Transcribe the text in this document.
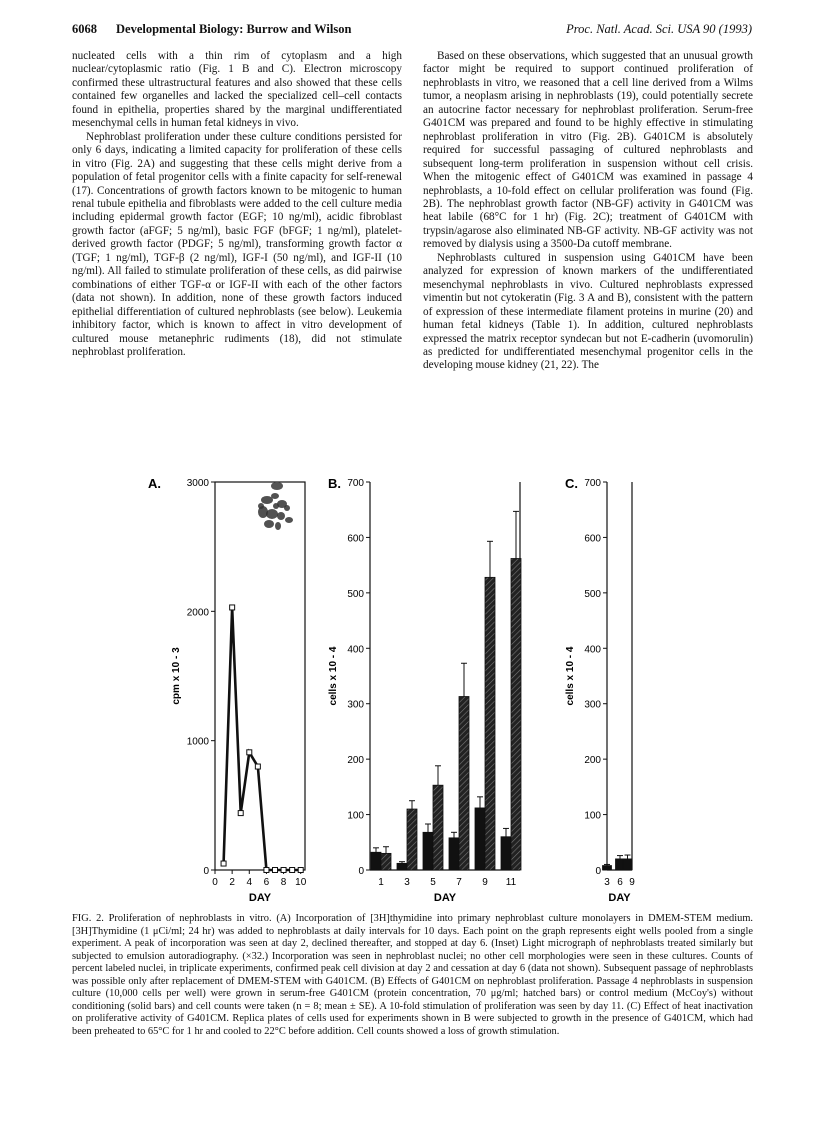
6068 Developmental Biology: Burrow and Wilson	Proc. Natl. Acad. Sci. USA 90 (1993)

nucleated cells with a thin rim of cytoplasm and a high nuclear/cytoplasmic ratio (Fig. 1 B and C). Electron microscopy confirmed these ultrastructural features and also showed that these cells contained few organelles and lacked the specialized cell–cell contacts found in epithelia, properties shared by the marginal undifferentiated mesenchymal cells in human fetal kidneys in vivo.

Nephroblast proliferation under these culture conditions persisted for only 6 days, indicating a limited capacity for proliferation of these cells in vitro (Fig. 2A) and suggesting that these cells might derive from a population of fetal progenitor cells with a finite capacity for self-renewal (17). Concentrations of growth factors known to be mitogenic to human renal tubule epithelia and fibroblasts were added to the cell culture media including epidermal growth factor (EGF; 10 ng/ml), acidic fibroblast growth factor (aFGF; 5 ng/ml), basic FGF (bFGF; 1 ng/ml), platelet-derived growth factor (PDGF; 5 ng/ml), transforming growth factor α (TGF; 1 ng/ml), TGF-β (2 ng/ml), IGF-I (50 ng/ml), and IGF-II (10 ng/ml). All failed to stimulate proliferation of these cells, as did pairwise combinations of either TGF-α or IGF-II with each of the other factors (data not shown). In addition, none of these growth factors induced epithelial differentiation of cultured nephroblasts (see below). Leukemia inhibitory factor, which is known to affect in vitro development of cultured mouse metanephric rudiments (18), did not stimulate nephroblast proliferation.

Based on these observations, which suggested that an unusual growth factor might be required to support continued proliferation of nephroblasts in vitro, we reasoned that a cell line derived from a Wilms tumor, a neoplasm arising in nephroblasts (19), could potentially secrete an autocrine factor necessary for nephroblast proliferation. Serum-free G401CM was prepared and found to be highly effective in stimulating nephroblast proliferation in vitro (Fig. 2B). G401CM is absolutely required for successful passaging of cultured nephroblasts and subsequent long-term proliferation in suspension without cell crisis. When the mitogenic effect of G401CM was examined in passage 4 nephroblasts, a 10-fold effect on cellular proliferation was found (Fig. 2B). The nephroblast growth factor (NB-GF) activity in G401CM was heat labile (68°C for 1 hr) (Fig. 2C); treatment of G401CM with trypsin/agarose also eliminated NB-GF activity. NB-GF activity was not removed by dialysis using a 3500-Da cutoff membrane.

Nephroblasts cultured in suspension using G401CM have been analyzed for expression of known markers of the undifferentiated mesenchymal nephroblasts in vivo. Cultured nephroblasts expressed vimentin but not cytokeratin (Fig. 3 A and B), consistent with the pattern of expression of these intermediate filament proteins in murine (20) and human fetal kidneys (Table 1). In addition, cultured nephroblasts expressed the matrix receptor syndecan but not E-cadherin (uvomorulin) as predicted for undifferentiated mesenchymal progenitor cells in the developing mouse kidney (21, 22). The

A.
0
1000
2000
3000
0 2 4 6 8 10
DAY
cpm x 10 - 3
B.
0
100
200
300
400
500
600
700
1 3 5 7 9 11
DAY
cells x 10 - 4
C.
0
100
200
300
400
500
600
700
3 6 9
DAY
cells x 10 - 4
FIG. 2. Proliferation of nephroblasts in vitro. (A) Incorporation of [3H]thymidine into primary nephroblast culture monolayers in DMEM-STEM medium. [3H]Thymidine (1 μCi/ml; 24 hr) was added to nephroblasts at daily intervals for 10 days. Each point on the graph represents eight wells pooled from a single experiment. A peak of incorporation was seen at day 2, declined thereafter, and stopped at day 6. (Inset) Light micrograph of nephroblasts treated similarly but subjected to emulsion autoradiography. (×32.) Incorporation was seen in nephroblast nuclei; no other cell morphologies were seen in these cultures. Counts of percent labeled nuclei, in triplicate experiments, confirmed peak cell division at day 2 and cessation at day 6 (data not shown). Subsequent passage of nephroblasts was possible only after replacement of DMEM-STEM with G401CM. (B) Effects of G401CM on nephroblast proliferation. Passage 4 nephroblasts in suspension culture (10,000 cells per well) were grown in serum-free G401CM (protein concentration, 70 μg/ml; hatched bars) or control medium (McCoy's) without conditioning (solid bars) and cell counts were taken (n = 8; mean ± SE). A 10-fold stimulation of proliferation was seen by day 11. (C) Effect of heat inactivation on proliferative activity of G401CM. Replica plates of cells used for experiments shown in B were subjected to growth in the presence of G401CM, which had been preheated to 65°C for 1 hr and cooled to 22°C before addition. Cell counts showed a loss of growth stimulation.
